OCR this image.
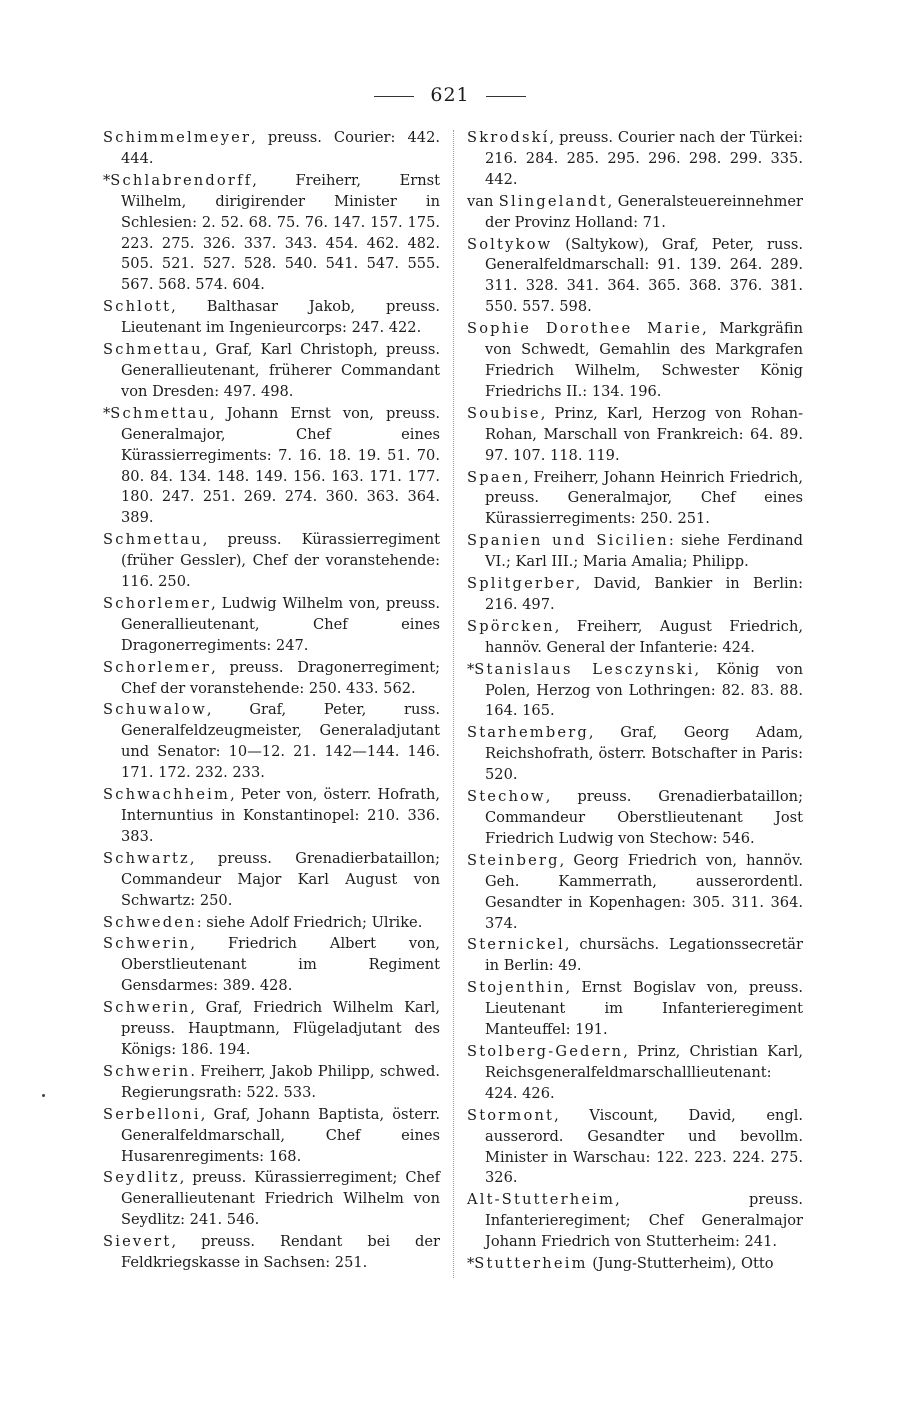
621

Schimmelmeyer, preuss. Courier: 442. 444.

*Schlabrendorff, Freiherr, Ernst Wilhelm, dirigirender Minister in Schlesien: 2. 52. 68. 75. 76. 147. 157. 175. 223. 275. 326. 337. 343. 454. 462. 482. 505. 521. 527. 528. 540. 541. 547. 555. 567. 568. 574. 604.

Schlott, Balthasar Jakob, preuss. Lieutenant im Ingenieurcorps: 247. 422.

Schmettau, Graf, Karl Christoph, preuss. Generallieutenant, früherer Commandant von Dresden: 497. 498.

*Schmettau, Johann Ernst von, preuss. Generalmajor, Chef eines Kürassierregiments: 7. 16. 18. 19. 51. 70. 80. 84. 134. 148. 149. 156. 163. 171. 177. 180. 247. 251. 269. 274. 360. 363. 364. 389.

Schmettau, preuss. Kürassierregiment (früher Gessler), Chef der voranstehende: 116. 250.

Schorlemer, Ludwig Wilhelm von, preuss. Generallieutenant, Chef eines Dragonerregiments: 247.

Schorlemer, preuss. Dragonerregiment; Chef der voranstehende: 250. 433. 562.

Schuwalow, Graf, Peter, russ. Generalfeldzeugmeister, Generaladjutant und Senator: 10—12. 21. 142—144. 146. 171. 172. 232. 233.

Schwachheim, Peter von, österr. Hofrath, Internuntius in Konstantinopel: 210. 336. 383.

Schwartz, preuss. Grenadierbataillon; Commandeur Major Karl August von Schwartz: 250.

Schweden: siehe Adolf Friedrich; Ulrike.

Schwerin, Friedrich Albert von, Oberstlieutenant im Regiment Gensdarmes: 389. 428.

Schwerin, Graf, Friedrich Wilhelm Karl, preuss. Hauptmann, Flügeladjutant des Königs: 186. 194.

Schwerin. Freiherr, Jakob Philipp, schwed. Regierungsrath: 522. 533.

Serbelloni, Graf, Johann Baptista, österr. Generalfeldmarschall, Chef eines Husarenregiments: 168.

Seydlitz, preuss. Kürassierregiment; Chef Generallieutenant Friedrich Wilhelm von Seydlitz: 241. 546.

Sievert, preuss. Rendant bei der Feldkriegskasse in Sachsen: 251.

Skrodskí, preuss. Courier nach der Türkei: 216. 284. 285. 295. 296. 298. 299. 335. 442.

van Slingelandt, Generalsteuereinnehmer der Provinz Holland: 71.

Soltykow (Saltykow), Graf, Peter, russ. Generalfeldmarschall: 91. 139. 264. 289. 311. 328. 341. 364. 365. 368. 376. 381. 550. 557. 598.

Sophie Dorothee Marie, Markgräfin von Schwedt, Gemahlin des Markgrafen Friedrich Wilhelm, Schwester König Friedrichs II.: 134. 196.

Soubise, Prinz, Karl, Herzog von Rohan-Rohan, Marschall von Frankreich: 64. 89. 97. 107. 118. 119.

Spaen, Freiherr, Johann Heinrich Friedrich, preuss. Generalmajor, Chef eines Kürassierregiments: 250. 251.

Spanien und Sicilien: siehe Ferdinand VI.; Karl III.; Maria Amalia; Philipp.

Splitgerber, David, Bankier in Berlin: 216. 497.

Spörcken, Freiherr, August Friedrich, hannöv. General der Infanterie: 424.

*Stanislaus Lesczynski, König von Polen, Herzog von Lothringen: 82. 83. 88. 164. 165.

Starhemberg, Graf, Georg Adam, Reichshofrath, österr. Botschafter in Paris: 520.

Stechow, preuss. Grenadierbataillon; Commandeur Oberstlieutenant Jost Friedrich Ludwig von Stechow: 546.

Steinberg, Georg Friedrich von, hannöv. Geh. Kammerrath, ausserordentl. Gesandter in Kopenhagen: 305. 311. 364. 374.

Sternickel, chursächs. Legationssecretär in Berlin: 49.

Stojenthin, Ernst Bogislav von, preuss. Lieutenant im Infanterieregiment Manteuffel: 191.

Stolberg-Gedern, Prinz, Christian Karl, Reichsgeneralfeldmarschalllieutenant: 424. 426.

Stormont, Viscount, David, engl. ausserord. Gesandter und bevollm. Minister in Warschau: 122. 223. 224. 275. 326.

Alt-Stutterheim, preuss. Infanterieregiment; Chef Generalmajor Johann Friedrich von Stutterheim: 241.

*Stutterheim (Jung-Stutterheim), Otto
